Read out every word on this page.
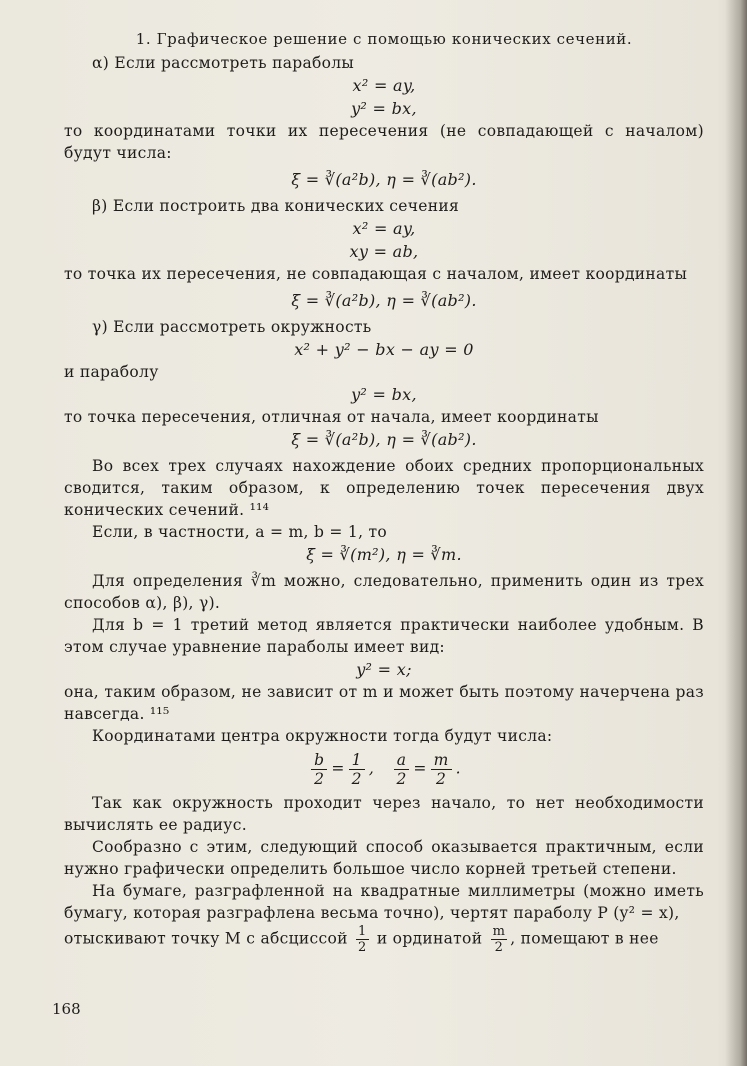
1. Графическое решение с помощью конических сечений.

α) Если рассмотреть параболы

x² = ay,

y² = bx,

то координатами точки их пересечения (не совпадающей с началом) будут числа:

ξ = ∛(a²b), η = ∛(ab²).

β) Если построить два конических сечения

x² = ay,

xy = ab,

то точка их пересечения, не совпадающая с началом, имеет координаты

ξ = ∛(a²b), η = ∛(ab²).

γ) Если рассмотреть окружность

x² + y² − bx − ay = 0

и параболу

y² = bx,

то точка пересечения, отличная от начала, имеет координаты

ξ = ∛(a²b), η = ∛(ab²).

Во всех трех случаях нахождение обоих средних пропорциональных сводится, таким образом, к определению точек пересечения двух конических сечений. ¹¹⁴

Если, в частности, a = m, b = 1, то

ξ = ∛(m²), η = ∛m.

Для определения ∛m можно, следовательно, применить один из трех способов α), β), γ).

Для b = 1 третий метод является практически наиболее удобным. В этом случае уравнение параболы имеет вид:

y² = x;

она, таким образом, не зависит от m и может быть поэтому начерчена раз навсегда. ¹¹⁵

Координатами центра окружности тогда будут числа:

$\frac{b}{2} = \frac{1}{2}$ , $\frac{a}{2} = \frac{m}{2}$ .

Так как окружность проходит через начало, то нет необходимости вычислять ее радиус.

Сообразно с этим, следующий способ оказывается практичным, если нужно графически определить большое число корней третьей степени.

На бумаге, разграфленной на квадратные миллиметры (можно иметь бумагу, которая разграфлена весьма точно), чертят параболу P (y² = x),

отыскивают точку M с абсциссой $\frac{1}{2}$ и ординатой $\frac{m}{2}$ , помещают в нее

168
